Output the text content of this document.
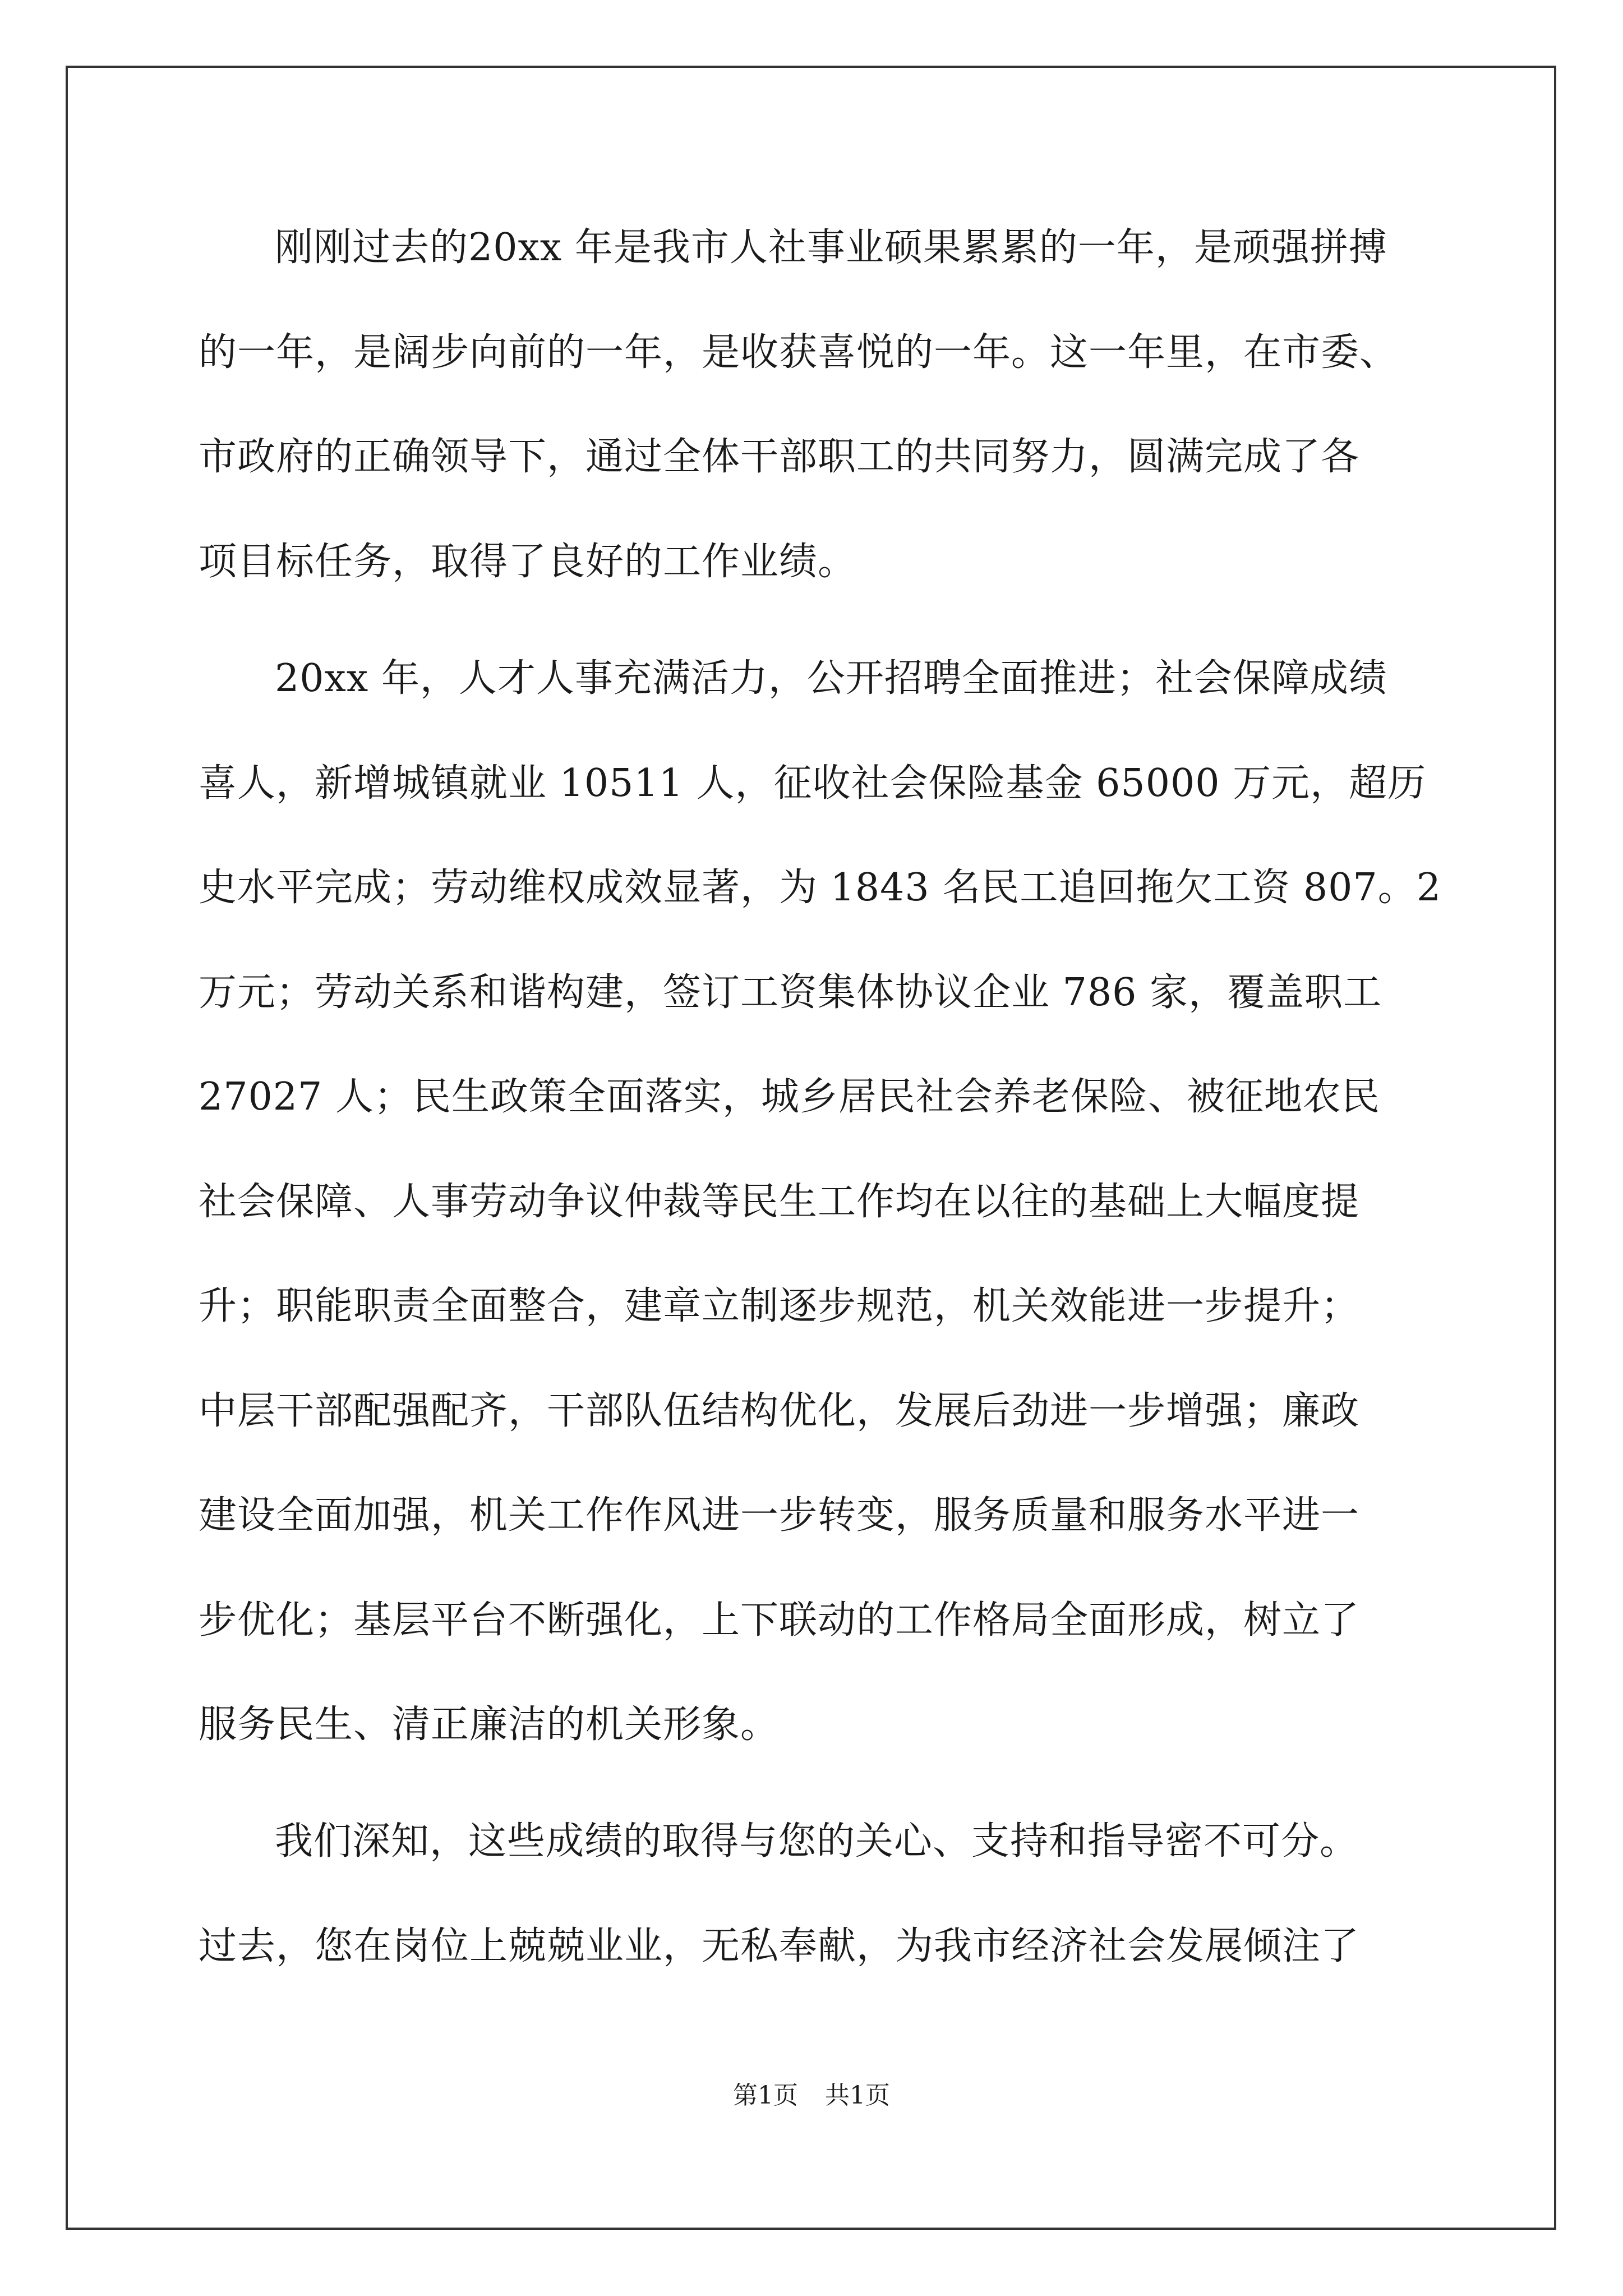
刚刚过去的20xx 年是我市人社事业硕果累累的一年，是顽强拼搏
的一年，是阔步向前的一年，是收获喜悦的一年。这一年里，在市委、
市政府的正确领导下，通过全体干部职工的共同努力，圆满完成了各
项目标任务，取得了良好的工作业绩。
20xx 年，人才人事充满活力，公开招聘全面推进；社会保障成绩
喜人，新增城镇就业 10511 人，征收社会保险基金 65000 万元，超历
史水平完成；劳动维权成效显著，为 1843 名民工追回拖欠工资 807。2
万元；劳动关系和谐构建，签订工资集体协议企业 786 家，覆盖职工
27027 人；民生政策全面落实，城乡居民社会养老保险、被征地农民
社会保障、人事劳动争议仲裁等民生工作均在以往的基础上大幅度提
升；职能职责全面整合，建章立制逐步规范，机关效能进一步提升；
中层干部配强配齐，干部队伍结构优化，发展后劲进一步增强；廉政
建设全面加强，机关工作作风进一步转变，服务质量和服务水平进一
步优化；基层平台不断强化，上下联动的工作格局全面形成，树立了
服务民生、清正廉洁的机关形象。
我们深知，这些成绩的取得与您的关心、支持和指导密不可分。
过去，您在岗位上兢兢业业，无私奉献，为我市经济社会发展倾注了
第1页 共1页
